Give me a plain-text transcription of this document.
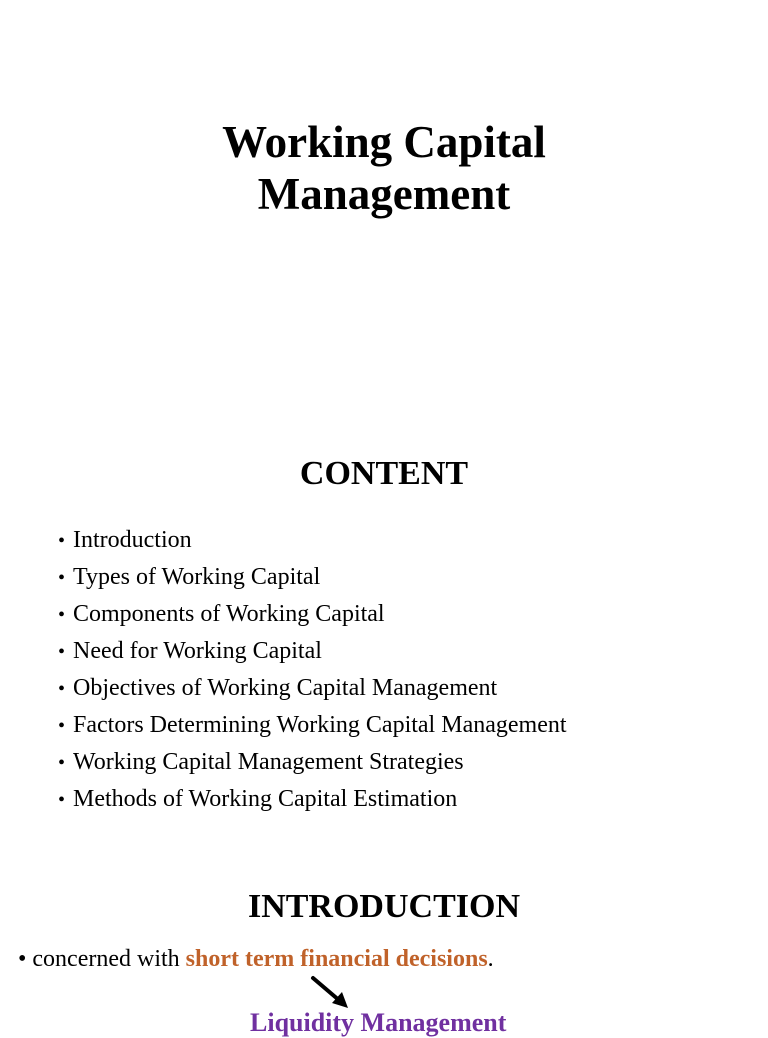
Working Capital
Management
CONTENT
• Introduction
• Types of Working Capital
• Components of Working Capital
• Need for Working Capital
• Objectives of Working Capital Management
• Factors Determining Working Capital Management
• Working Capital Management Strategies
• Methods of Working Capital Estimation
INTRODUCTION

• concerned with short term financial decisions.

Liquidity Management
